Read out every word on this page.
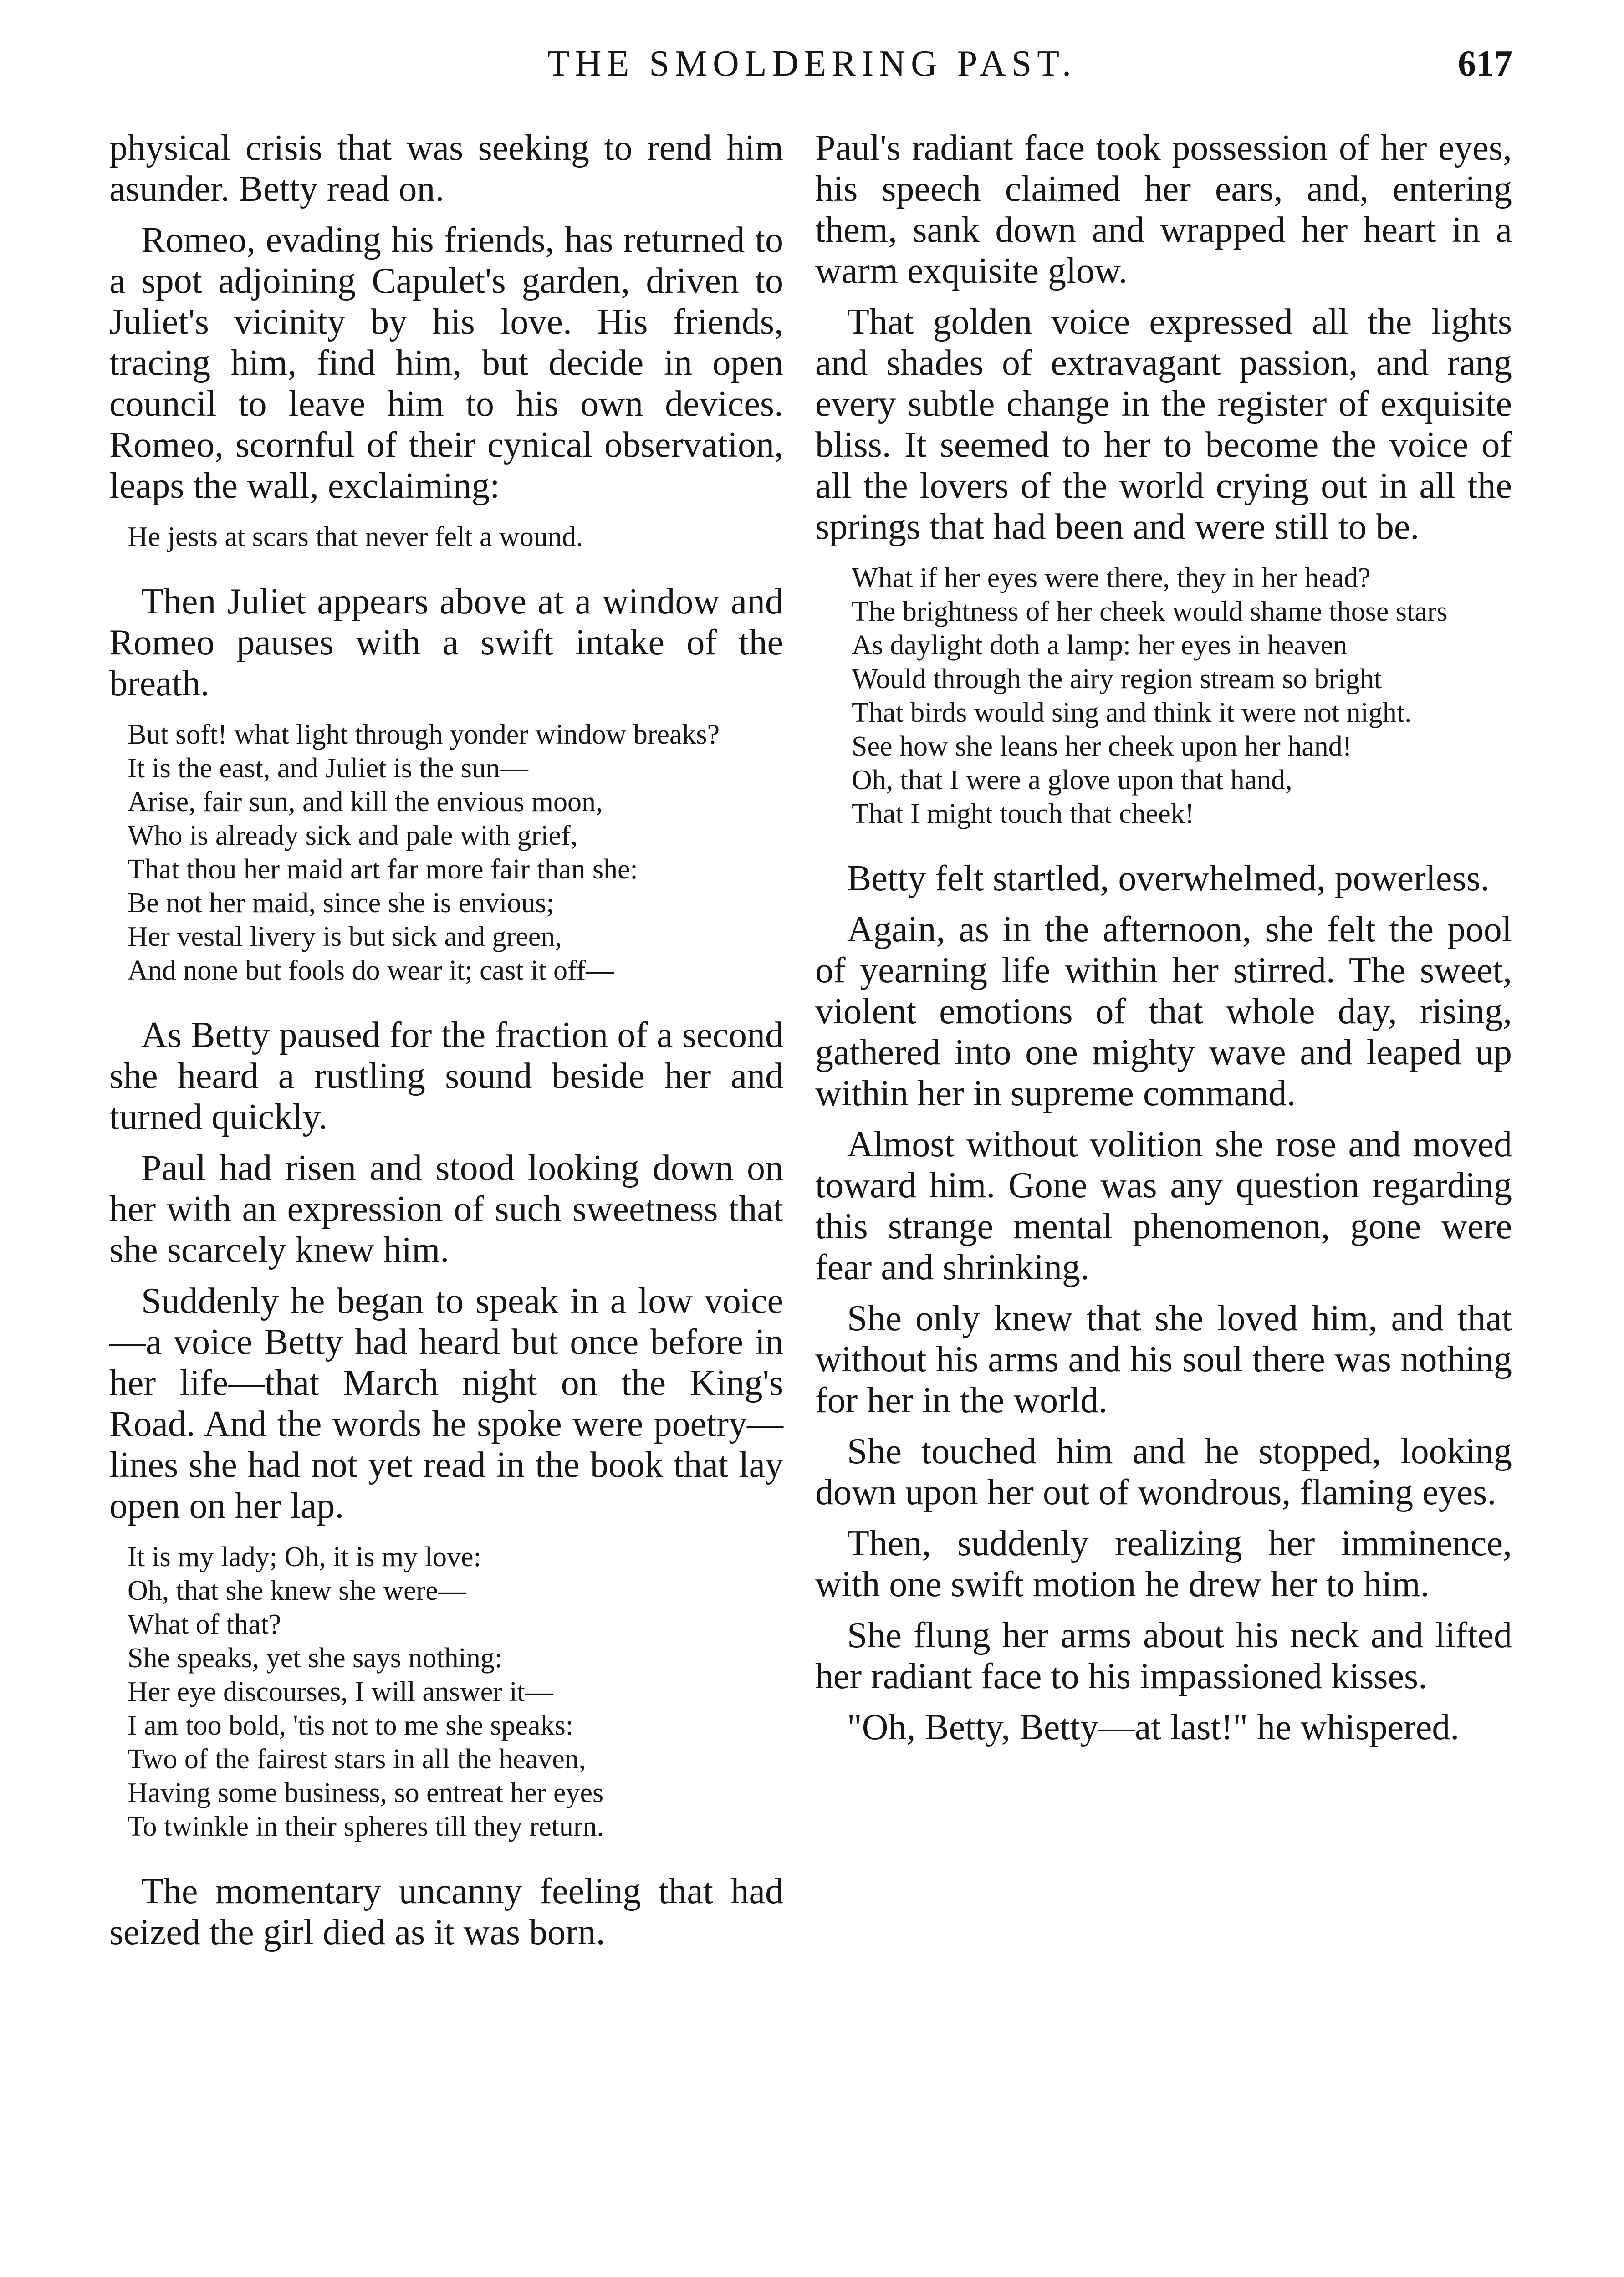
THE SMOLDERING PAST.	617

physical crisis that was seeking to rend him asunder. Betty read on.

Romeo, evading his friends, has returned to a spot adjoining Capulet's garden, driven to Juliet's vicinity by his love. His friends, tracing him, find him, but decide in open council to leave him to his own devices. Romeo, scornful of their cynical observation, leaps the wall, exclaiming:

He jests at scars that never felt a wound.

Then Juliet appears above at a window and Romeo pauses with a swift intake of the breath.

But soft! what light through yonder window breaks?
It is the east, and Juliet is the sun—
Arise, fair sun, and kill the envious moon,
Who is already sick and pale with grief,
That thou her maid art far more fair than she:
Be not her maid, since she is envious;
Her vestal livery is but sick and green,
And none but fools do wear it; cast it off—

As Betty paused for the fraction of a second she heard a rustling sound beside her and turned quickly.

Paul had risen and stood looking down on her with an expression of such sweetness that she scarcely knew him.

Suddenly he began to speak in a low voice—a voice Betty had heard but once before in her life—that March night on the King's Road. And the words he spoke were poetry—lines she had not yet read in the book that lay open on her lap.

It is my lady; Oh, it is my love:
Oh, that she knew she were—
What of that?
She speaks, yet she says nothing:
Her eye discourses, I will answer it—
I am too bold, 'tis not to me she speaks:
Two of the fairest stars in all the heaven,
Having some business, so entreat her eyes
To twinkle in their spheres till they return.

The momentary uncanny feeling that had seized the girl died as it was born.

Paul's radiant face took possession of her eyes, his speech claimed her ears, and, entering them, sank down and wrapped her heart in a warm exquisite glow.

That golden voice expressed all the lights and shades of extravagant passion, and rang every subtle change in the register of exquisite bliss. It seemed to her to become the voice of all the lovers of the world crying out in all the springs that had been and were still to be.

What if her eyes were there, they in her head?
The brightness of her cheek would shame those stars
As daylight doth a lamp: her eyes in heaven
Would through the airy region stream so bright
That birds would sing and think it were not night.
See how she leans her cheek upon her hand!
Oh, that I were a glove upon that hand,
That I might touch that cheek!

Betty felt startled, overwhelmed, powerless.

Again, as in the afternoon, she felt the pool of yearning life within her stirred. The sweet, violent emotions of that whole day, rising, gathered into one mighty wave and leaped up within her in supreme command.

Almost without volition she rose and moved toward him. Gone was any question regarding this strange mental phenomenon, gone were fear and shrinking.

She only knew that she loved him, and that without his arms and his soul there was nothing for her in the world.

She touched him and he stopped, looking down upon her out of wondrous, flaming eyes.

Then, suddenly realizing her imminence, with one swift motion he drew her to him.

She flung her arms about his neck and lifted her radiant face to his impassioned kisses.

"Oh, Betty, Betty—at last!" he whispered.
